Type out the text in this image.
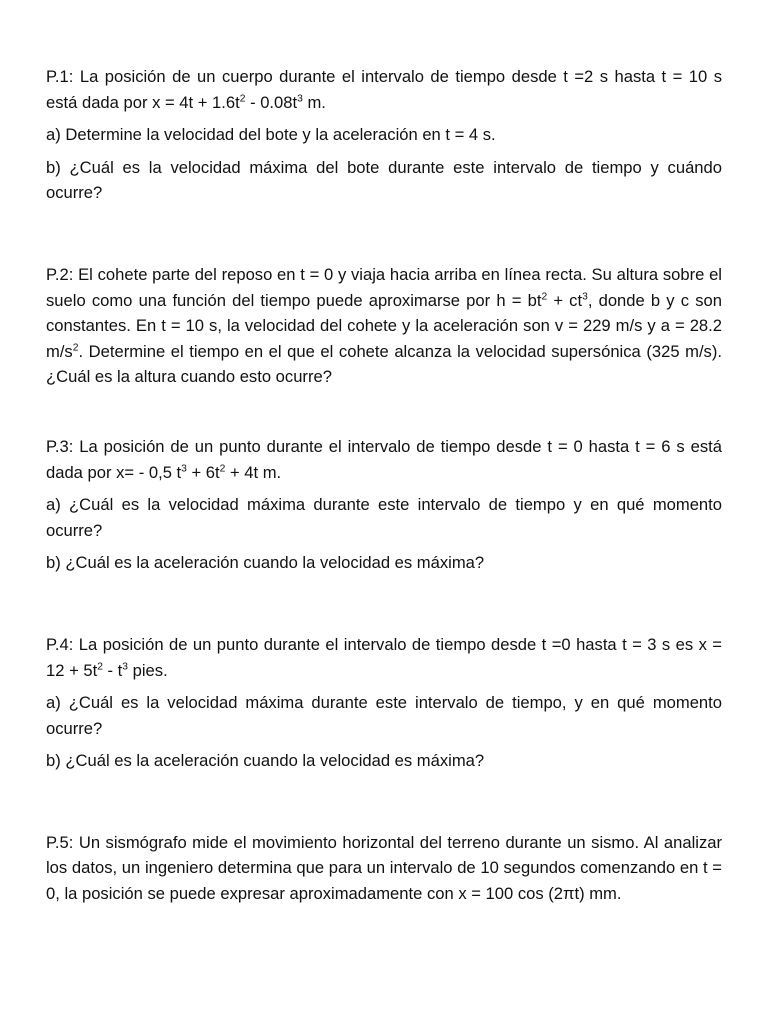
P.1: La posición de un cuerpo durante el intervalo de tiempo desde t =2 s hasta t = 10 s está dada por $x = 4t + 1.6t^2 - 0.08t^3$ m.

a) Determine la velocidad del bote y la aceleración en t = 4 s.

b) ¿Cuál es la velocidad máxima del bote durante este intervalo de tiempo y cuándo ocurre?

P.2: El cohete parte del reposo en t = 0 y viaja hacia arriba en línea recta. Su altura sobre el suelo como una función del tiempo puede aproximarse por $h = bt^2 + ct^3$, donde b y c son constantes. En t = 10 s, la velocidad del cohete y la aceleración son v = 229 m/s y a = 28.2 $m/s^2$. Determine el tiempo en el que el cohete alcanza la velocidad supersónica (325 m/s). ¿Cuál es la altura cuando esto ocurre?

P.3: La posición de un punto durante el intervalo de tiempo desde t = 0 hasta t = 6 s está dada por x= - 0,5 $t^3 + 6t^2 + 4t$ m.

a) ¿Cuál es la velocidad máxima durante este intervalo de tiempo y en qué momento ocurre?

b) ¿Cuál es la aceleración cuando la velocidad es máxima?

P.4: La posición de un punto durante el intervalo de tiempo desde t =0 hasta t = 3 s es $x = 12 + 5t^2 - t^3$ pies.

a) ¿Cuál es la velocidad máxima durante este intervalo de tiempo, y en qué momento ocurre?

b) ¿Cuál es la aceleración cuando la velocidad es máxima?

P.5: Un sismógrafo mide el movimiento horizontal del terreno durante un sismo. Al analizar los datos, un ingeniero determina que para un intervalo de 10 segundos comenzando en t = 0, la posición se puede expresar aproximadamente con x = 100 cos (2πt) mm.
